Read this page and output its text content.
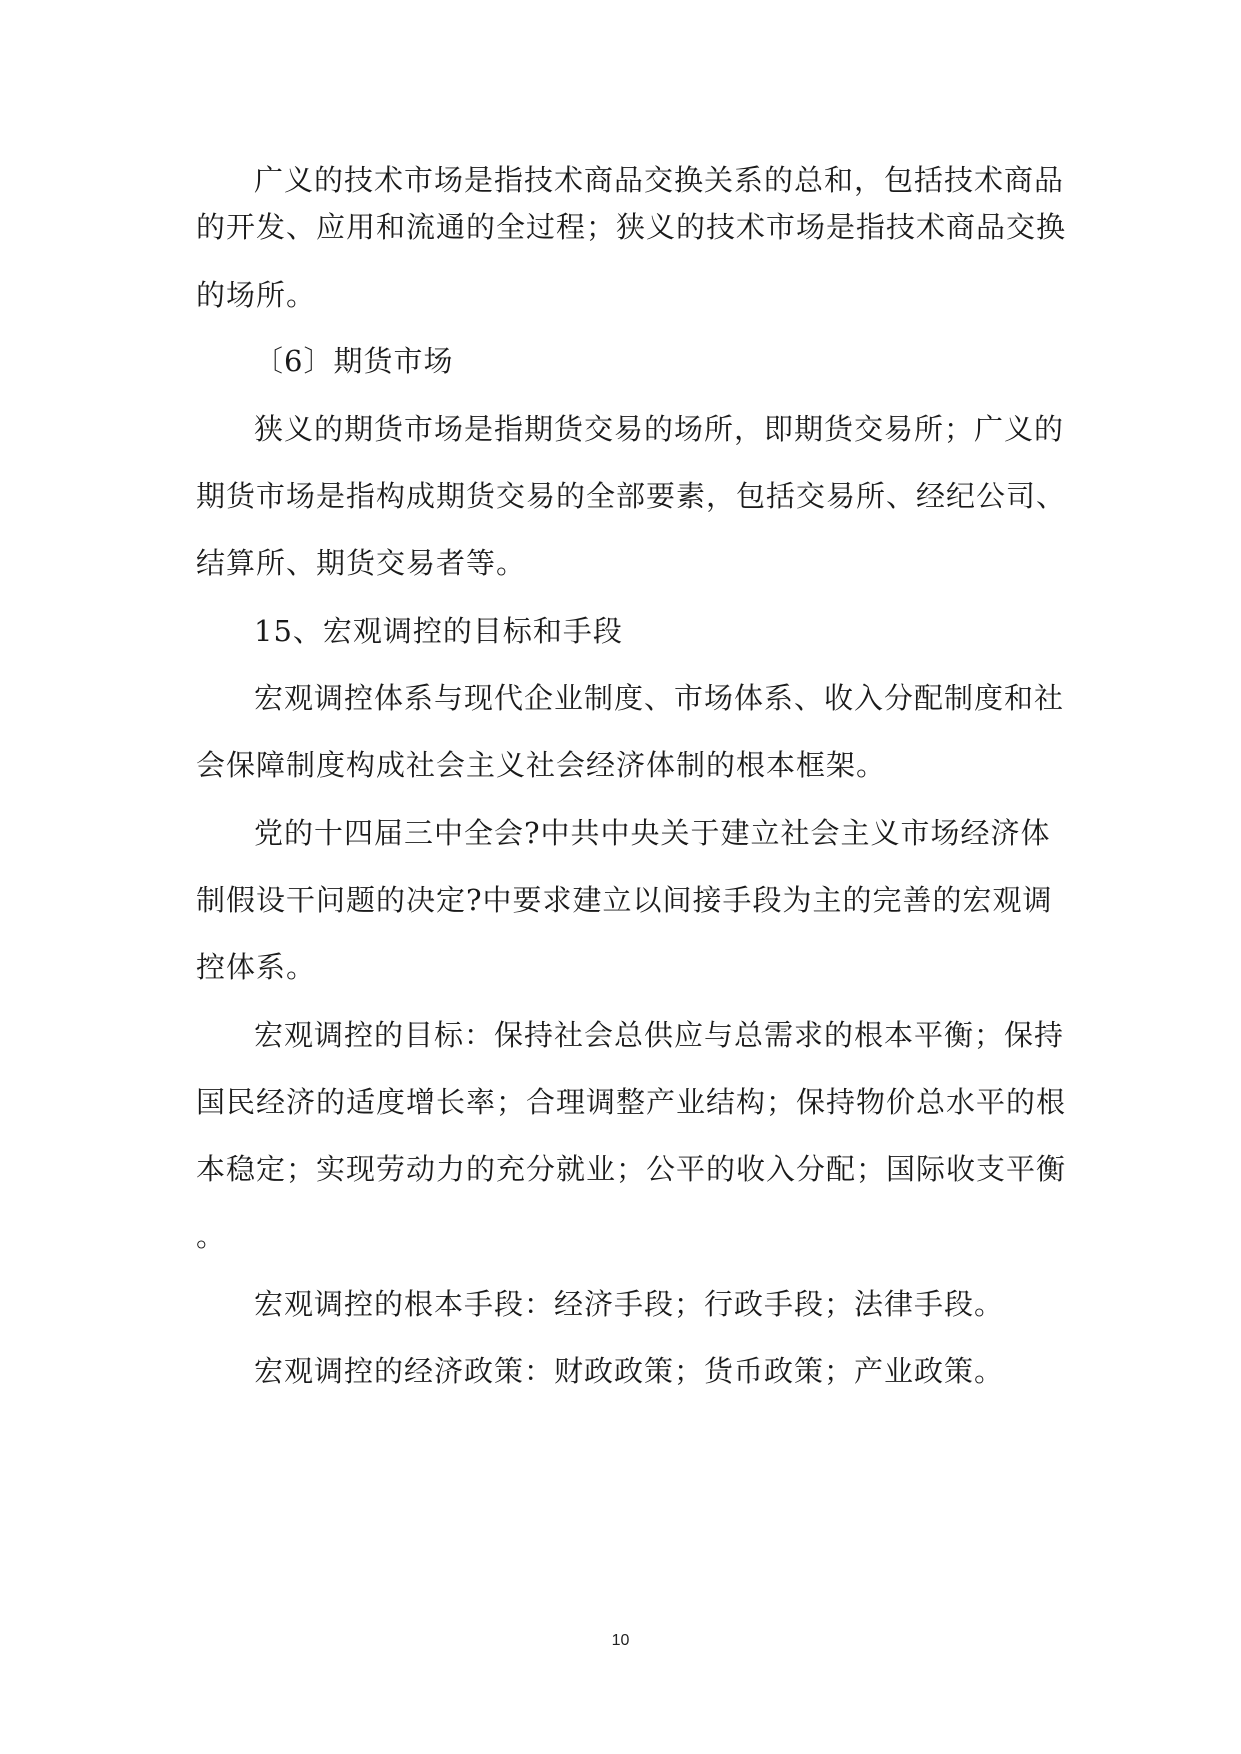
广义的技术市场是指技术商品交换关系的总和，包括技术商品
的开发、应用和流通的全过程；狭义的技术市场是指技术商品交换
的场所。
〔6〕期货市场
狭义的期货市场是指期货交易的场所，即期货交易所；广义的
期货市场是指构成期货交易的全部要素，包括交易所、经纪公司、
结算所、期货交易者等。
15、宏观调控的目标和手段
宏观调控体系与现代企业制度、市场体系、收入分配制度和社
会保障制度构成社会主义社会经济体制的根本框架。
党的十四届三中全会?中共中央关于建立社会主义市场经济体
制假设干问题的决定?中要求建立以间接手段为主的完善的宏观调
控体系。
宏观调控的目标：保持社会总供应与总需求的根本平衡；保持
国民经济的适度增长率；合理调整产业结构；保持物价总水平的根
本稳定；实现劳动力的充分就业；公平的收入分配；国际收支平衡
。
宏观调控的根本手段：经济手段；行政手段；法律手段。
宏观调控的经济政策：财政政策；货币政策；产业政策。
10
